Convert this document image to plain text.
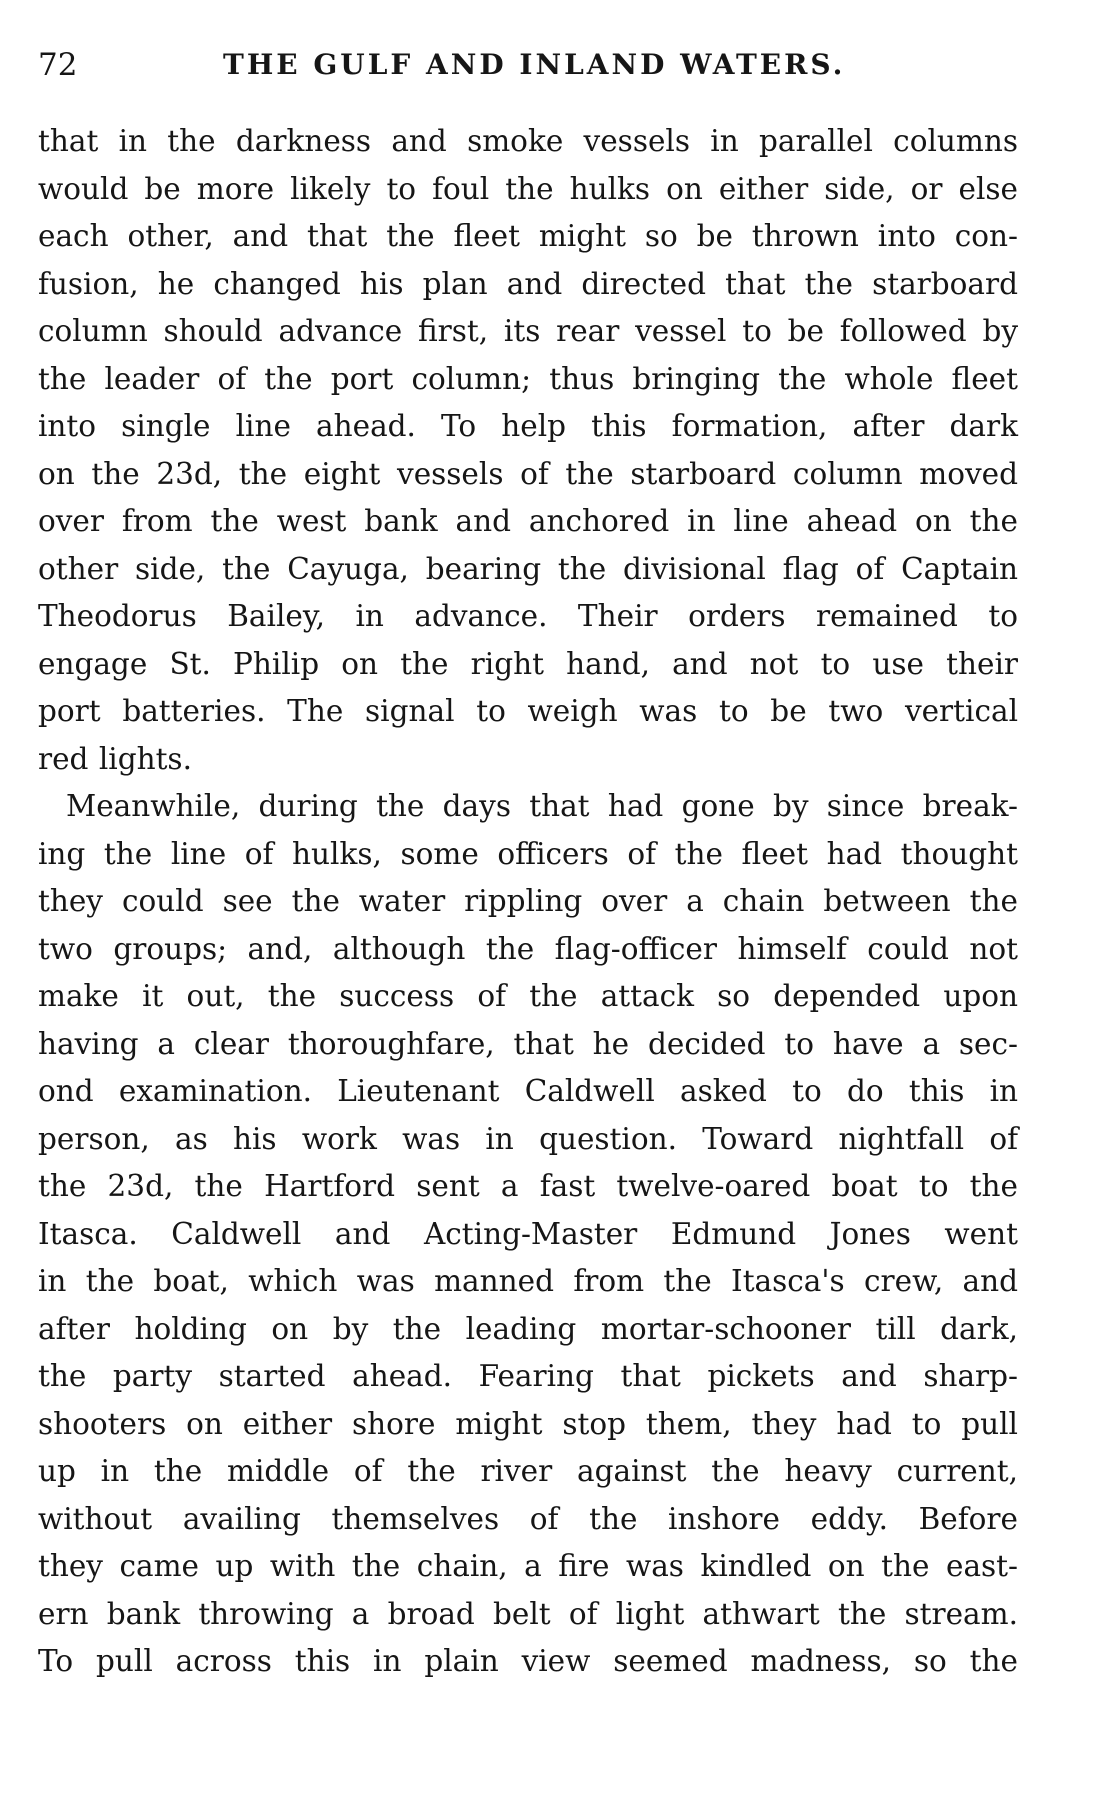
72	THE GULF AND INLAND WATERS.
that in the darkness and smoke vessels in parallel columns
would be more likely to foul the hulks on either side, or else
each other, and that the fleet might so be thrown into con-
fusion, he changed his plan and directed that the starboard
column should advance first, its rear vessel to be followed by
the leader of the port column; thus bringing the whole fleet
into single line ahead. To help this formation, after dark
on the 23d, the eight vessels of the starboard column moved
over from the west bank and anchored in line ahead on the
other side, the Cayuga, bearing the divisional flag of Captain
Theodorus Bailey, in advance. Their orders remained to
engage St. Philip on the right hand, and not to use their
port batteries. The signal to weigh was to be two vertical
red lights.
Meanwhile, during the days that had gone by since break-
ing the line of hulks, some officers of the fleet had thought
they could see the water rippling over a chain between the
two groups; and, although the flag-officer himself could not
make it out, the success of the attack so depended upon
having a clear thoroughfare, that he decided to have a sec-
ond examination. Lieutenant Caldwell asked to do this in
person, as his work was in question. Toward nightfall of
the 23d, the Hartford sent a fast twelve-oared boat to the
Itasca. Caldwell and Acting-Master Edmund Jones went
in the boat, which was manned from the Itasca's crew, and
after holding on by the leading mortar-schooner till dark,
the party started ahead. Fearing that pickets and sharp-
shooters on either shore might stop them, they had to pull
up in the middle of the river against the heavy current,
without availing themselves of the inshore eddy. Before
they came up with the chain, a fire was kindled on the east-
ern bank throwing a broad belt of light athwart the stream.
To pull across this in plain view seemed madness, so the
